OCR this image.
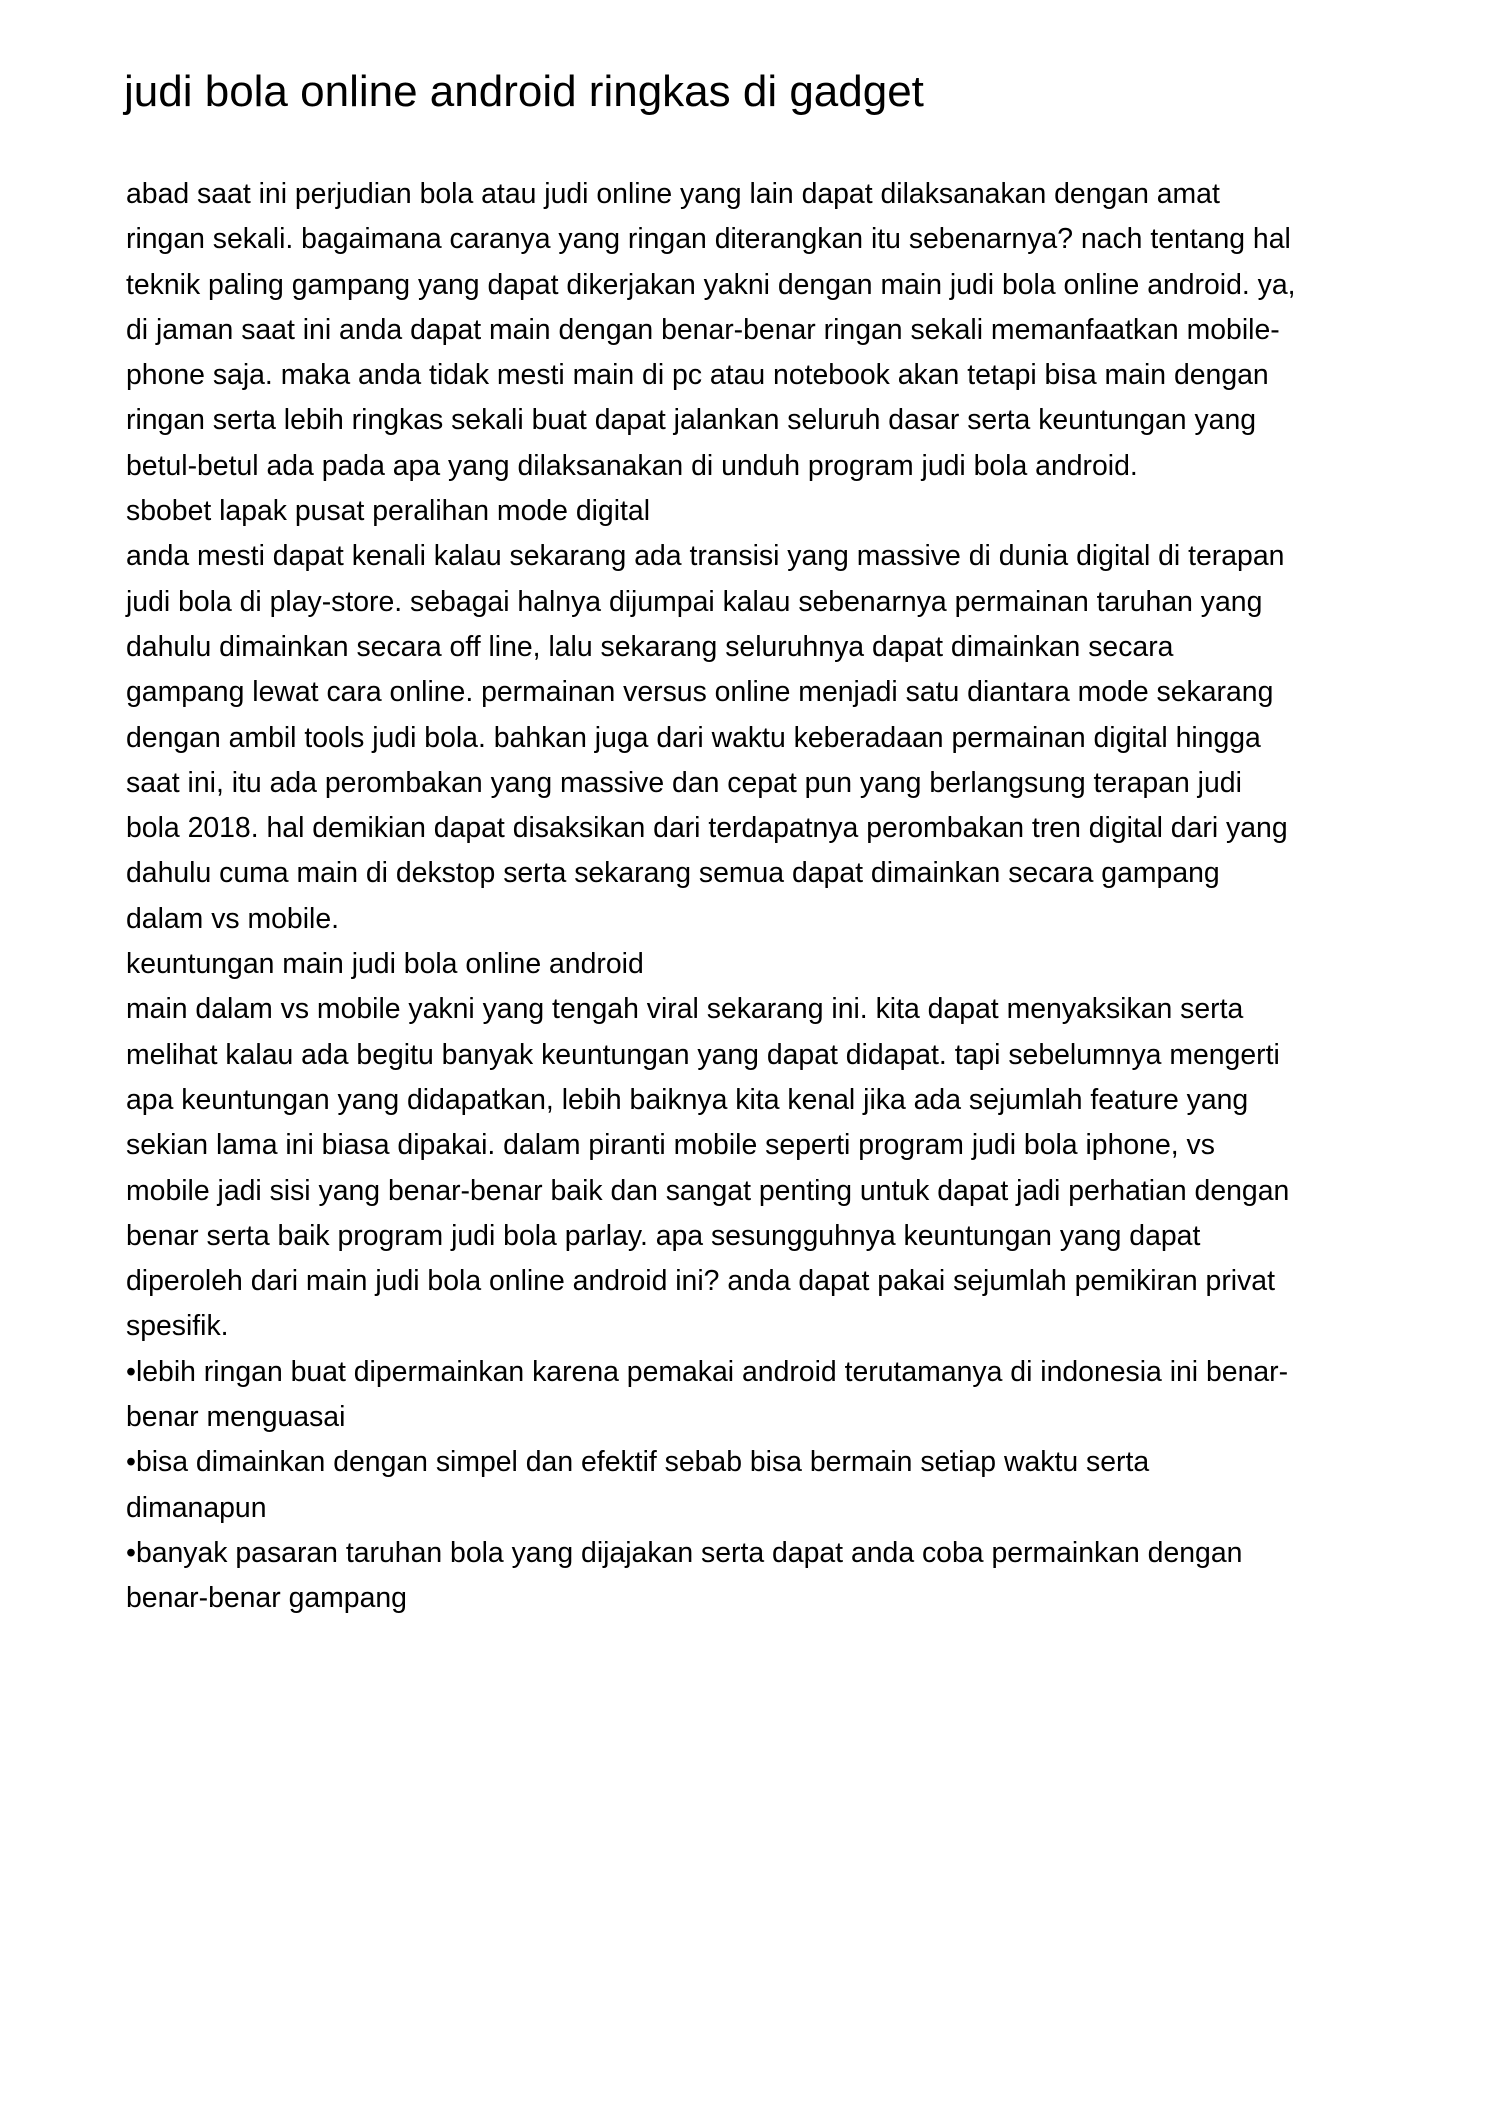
judi bola online android ringkas di gadget

abad saat ini perjudian bola atau judi online yang lain dapat dilaksanakan dengan amat

ringan sekali. bagaimana caranya yang ringan diterangkan itu sebenarnya? nach tentang hal

teknik paling gampang yang dapat dikerjakan yakni dengan main judi bola online android. ya,

di jaman saat ini anda dapat main dengan benar-benar ringan sekali memanfaatkan mobile-

phone saja. maka anda tidak mesti main di pc atau notebook akan tetapi bisa main dengan

ringan serta lebih ringkas sekali buat dapat jalankan seluruh dasar serta keuntungan yang

betul-betul ada pada apa yang dilaksanakan di unduh program judi bola android.

sbobet lapak pusat peralihan mode digital

anda mesti dapat kenali kalau sekarang ada transisi yang massive di dunia digital di terapan

judi bola di play-store. sebagai halnya dijumpai kalau sebenarnya permainan taruhan yang

dahulu dimainkan secara off line, lalu sekarang seluruhnya dapat dimainkan secara

gampang lewat cara online. permainan versus online menjadi satu diantara mode sekarang

dengan ambil tools judi bola. bahkan juga dari waktu keberadaan permainan digital hingga

saat ini, itu ada perombakan yang massive dan cepat pun yang berlangsung terapan judi

bola 2018. hal demikian dapat disaksikan dari terdapatnya perombakan tren digital dari yang

dahulu cuma main di dekstop serta sekarang semua dapat dimainkan secara gampang

dalam vs mobile.

keuntungan main judi bola online android

main dalam vs mobile yakni yang tengah viral sekarang ini. kita dapat menyaksikan serta

melihat kalau ada begitu banyak keuntungan yang dapat didapat. tapi sebelumnya mengerti

apa keuntungan yang didapatkan, lebih baiknya kita kenal jika ada sejumlah feature yang

sekian lama ini biasa dipakai. dalam piranti mobile seperti program judi bola iphone, vs

mobile jadi sisi yang benar-benar baik dan sangat penting untuk dapat jadi perhatian dengan

benar serta baik program judi bola parlay. apa sesungguhnya keuntungan yang dapat

diperoleh dari main judi bola online android ini? anda dapat pakai sejumlah pemikiran privat

spesifik.

•lebih ringan buat dipermainkan karena pemakai android terutamanya di indonesia ini benar-

benar menguasai

•bisa dimainkan dengan simpel dan efektif sebab bisa bermain setiap waktu serta

dimanapun

•banyak pasaran taruhan bola yang dijajakan serta dapat anda coba permainkan dengan

benar-benar gampang
